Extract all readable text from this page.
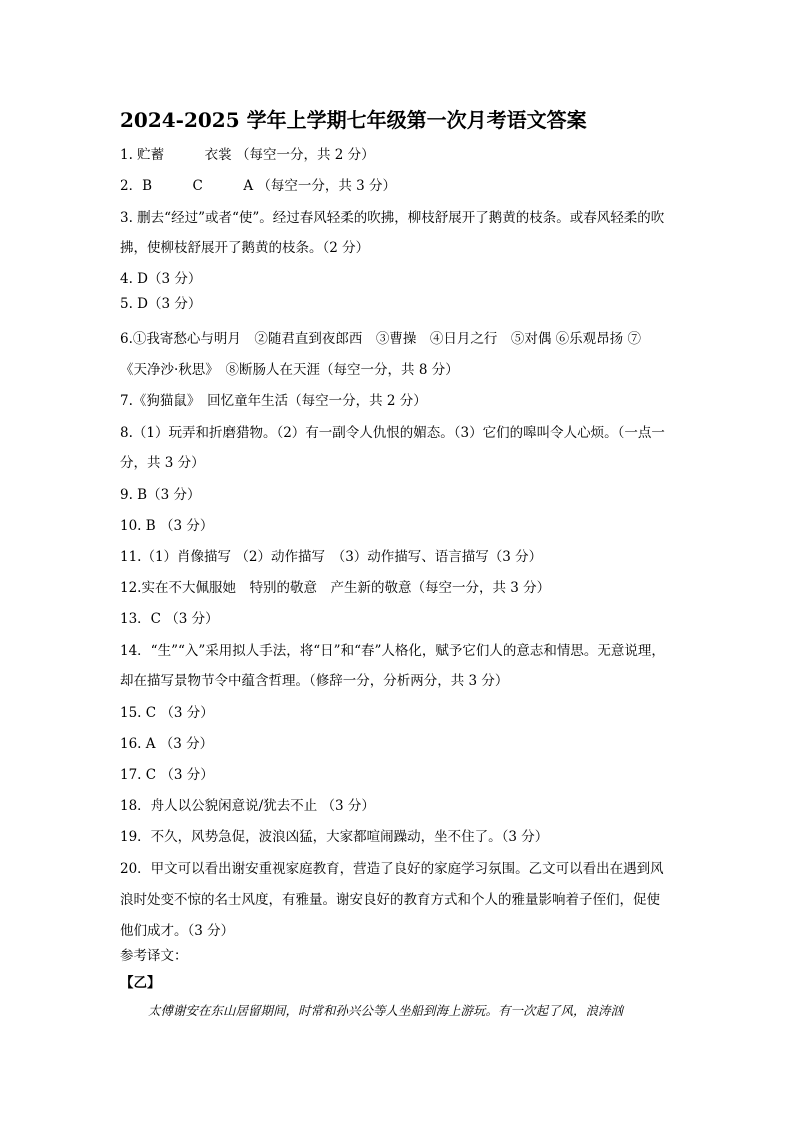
2024-2025 学年上学期七年级第一次月考语文答案
1. 贮蓄　　　衣裳 （每空一分，共 2 分）
2．B　　　C　　　A （每空一分，共 3 分）
3. 删去“经过”或者“使”。经过春风轻柔的吹拂，柳枝舒展开了鹅黄的枝条。或春风轻柔的吹
拂，使柳枝舒展开了鹅黄的枝条。（2 分）
4. D（3 分）
5. D（3 分）
6.①我寄愁心与明月　②随君直到夜郎西　③曹操　④日月之行　⑤对偶 ⑥乐观昂扬 ⑦
《天净沙·秋思》　⑧断肠人在天涯（每空一分，共 8 分）
7.《狗猫鼠》　回忆童年生活（每空一分，共 2 分）
8.（1）玩弄和折磨猎物。（2）有一副令人仇恨的媚态。（3）它们的嗥叫令人心烦。（一点一
分，共 3 分）
9. B（3 分）
10. B （3 分）
11.（1）肖像描写 （2）动作描写　（3）动作描写、语言描写（3 分）
12.实在不大佩服她　特别的敬意　产生新的敬意（每空一分，共 3 分）
13．C （3 分）
14．“生”“入”采用拟人手法，将“日”和“春”人格化，赋予它们人的意志和情思。无意说理，
却在描写景物节令中蕴含哲理。（修辞一分，分析两分，共 3 分）
15. C （3 分）
16. A （3 分）
17. C （3 分）
18．舟人以公貌闲意说/犹去不止 （3 分）
19．不久，风势急促，波浪凶猛，大家都喧闹躁动，坐不住了。（3 分）
20．甲文可以看出谢安重视家庭教育，营造了良好的家庭学习氛围。乙文可以看出在遇到风
浪时处变不惊的名士风度，有雅量。谢安良好的教育方式和个人的雅量影响着子侄们，促使
他们成才。（3 分）
参考译文：
【乙】
太傅谢安在东山居留期间，时常和孙兴公等人坐船到海上游玩。有一次起了风，浪涛汹
